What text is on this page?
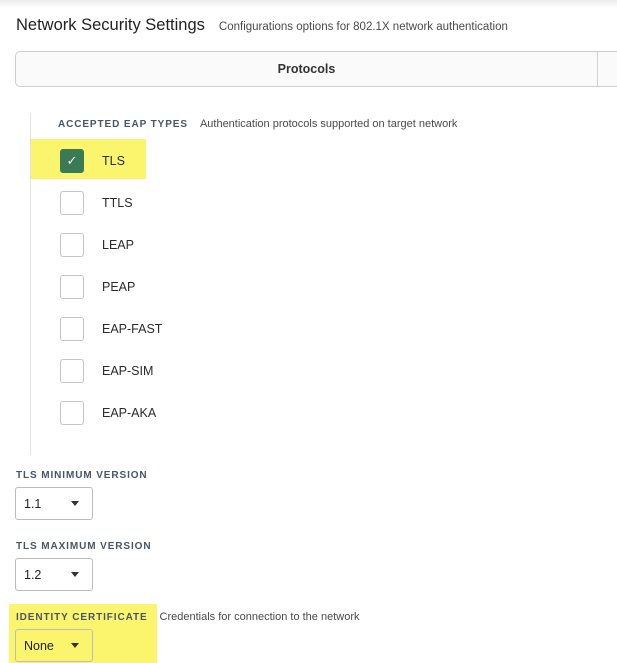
Network Security Settings Configurations options for 802.1X network authentication
Protocols
ACCEPTED EAP TYPES Authentication protocols supported on target network
✓ TLS
TTLS
LEAP
PEAP
EAP-FAST
EAP-SIM
EAP-AKA
TLS MINIMUM VERSION
1.1
TLS MAXIMUM VERSION
1.2
IDENTITY CERTIFICATE Credentials for connection to the network
None
